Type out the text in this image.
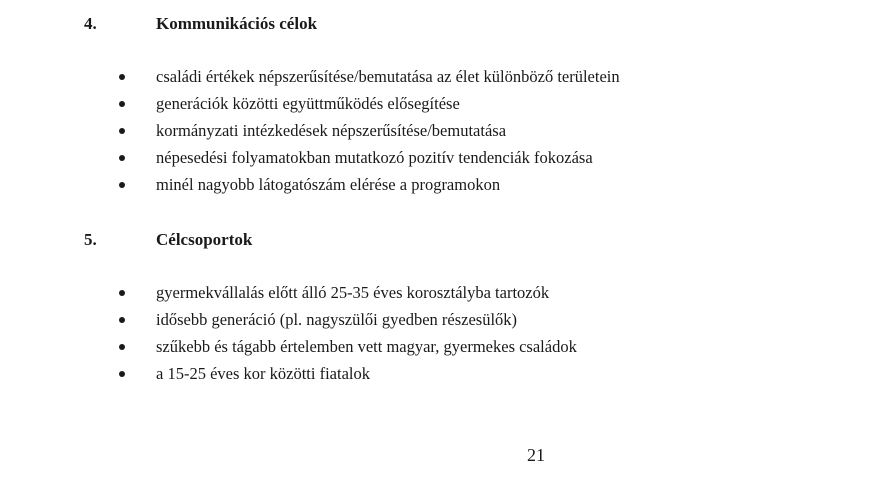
4.	Kommunikációs célok
családi értékek népszerűsítése/bemutatása az élet különböző területein
generációk közötti együttműködés elősegítése
kormányzati intézkedések népszerűsítése/bemutatása
népesedési folyamatokban mutatkozó pozitív tendenciák fokozása
minél nagyobb látogatószám elérése a programokon
5.	Célcsoportok
gyermekvállalás előtt álló 25-35 éves korosztályba tartozók
idősebb generáció (pl. nagyszülői gyedben részesülők)
szűkebb és tágabb értelemben vett magyar, gyermekes családok
a 15-25 éves kor közötti fiatalok
21
